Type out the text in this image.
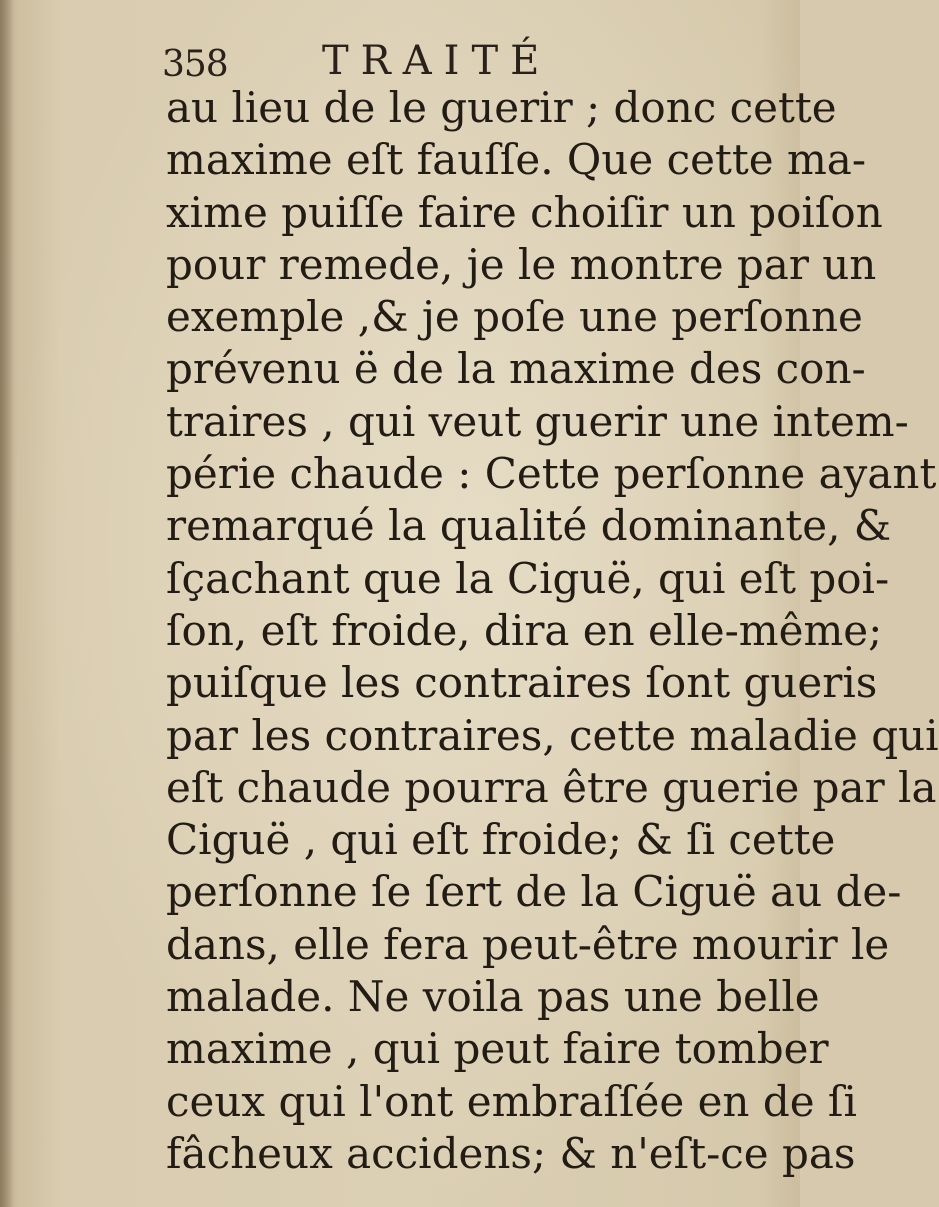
358 TRAITÉ
au lieu de le guerir ; donc cette
maxime eſt fauſſe. Que cette ma-
xime puiſſe faire choiſir un poiſon
pour remede, je le montre par un
exemple ,& je poſe une perſonne
prévenu ë de la maxime des con-
traires , qui veut guerir une intem-
périe chaude : Cette perſonne ayant
remarqué la qualité dominante, &
ſçachant que la Ciguë, qui eſt poi-
ſon, eſt froide, dira en elle-même;
puiſque les contraires ſont gueris
par les contraires, cette maladie qui
eſt chaude pourra être guerie par la
Ciguë , qui eſt froide; & ſi cette
perſonne ſe ſert de la Ciguë au de-
dans, elle fera peut-être mourir le
malade. Ne voila pas une belle
maxime , qui peut faire tomber
ceux qui l'ont embraſſée en de ſi
fâcheux accidens; & n'eſt-ce pas
